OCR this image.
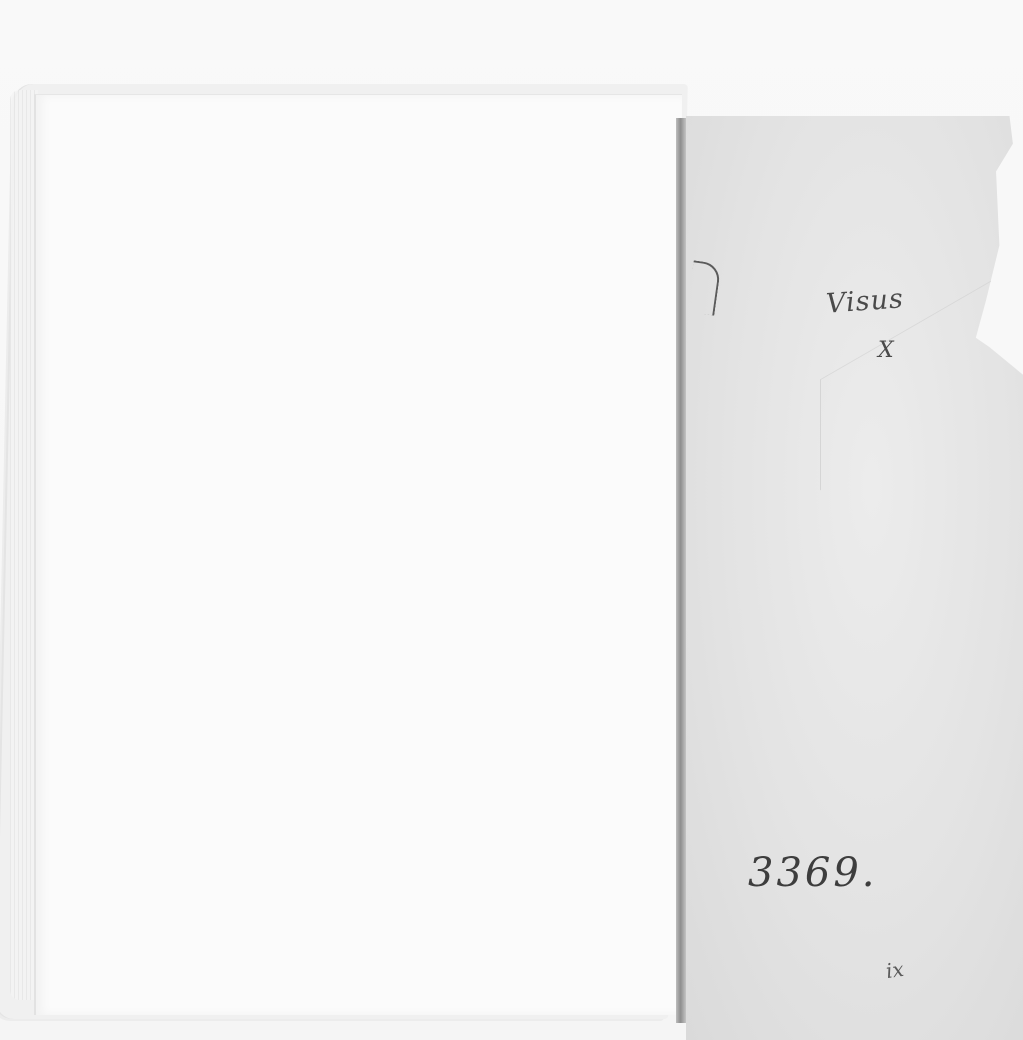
Visus
X
3369.
ix
